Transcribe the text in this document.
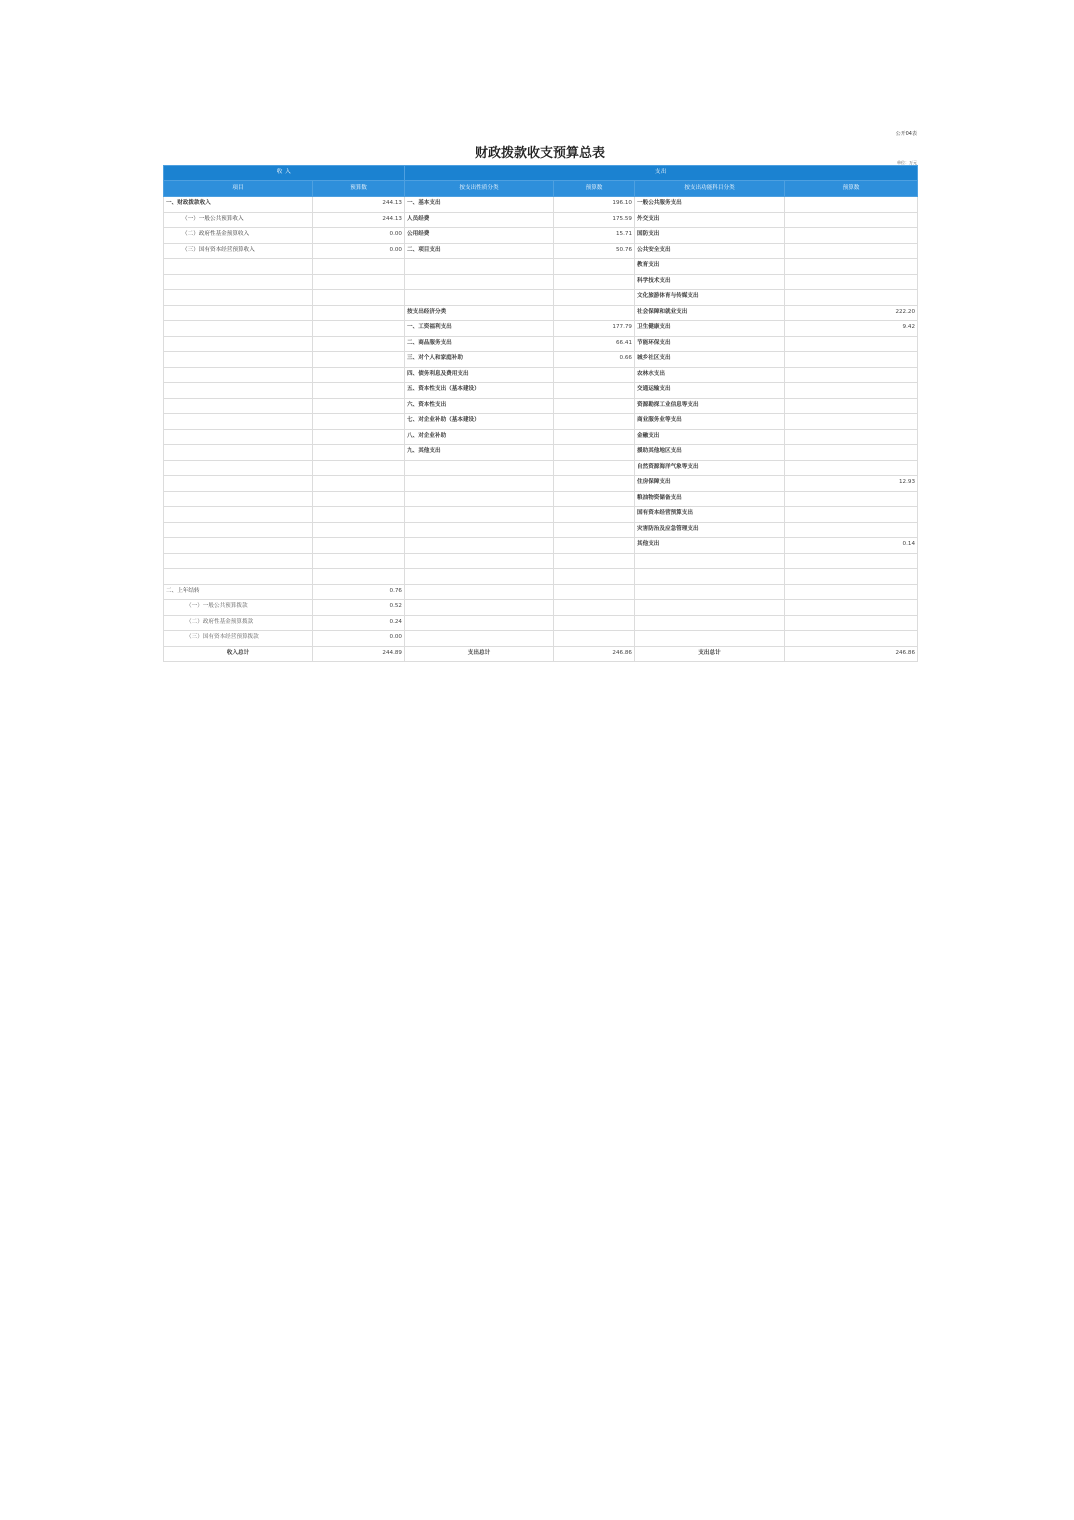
公开04表
财政拨款收支预算总表
单位：万元
收 入		支出			
项目	预算数	按支出性质分类	预算数	按支出功能科目分类	预算数
一、财政拨款收入	244.13	一、基本支出	196.10	一般公共服务支出	
（一）一般公共预算收入	244.13	人员经费	175.59	外交支出	
（二）政府性基金预算收入	0.00	公用经费	15.71	国防支出	
（三）国有资本经营预算收入	0.00	二、项目支出	50.76	公共安全支出	
				教育支出	
				科学技术支出	
				文化旅游体育与传媒支出	
		按支出经济分类		社会保障和就业支出	222.20
		一、工资福利支出	177.79	卫生健康支出	9.42
		二、商品服务支出	66.41	节能环保支出	
		三、对个人和家庭补助	0.66	城乡社区支出	
		四、债务利息及费用支出		农林水支出	
		五、资本性支出（基本建设）		交通运输支出	
		六、资本性支出		资源勘探工业信息等支出	
		七、对企业补助（基本建设）		商业服务业等支出	
		八、对企业补助		金融支出	
		九、其他支出		援助其他地区支出	
				自然资源海洋气象等支出	
				住房保障支出	12.93
				粮油物资储备支出	
				国有资本经营预算支出	
				灾害防治及应急管理支出	
				其他支出	0.14

二、上年结转	0.76				
（一）一般公共预算拨款	0.52				
（二）政府性基金预算拨款	0.24				
（三）国有资本经营预算拨款	0.00				
收入总计	244.89	支出总计	246.86	支出总计	246.86
